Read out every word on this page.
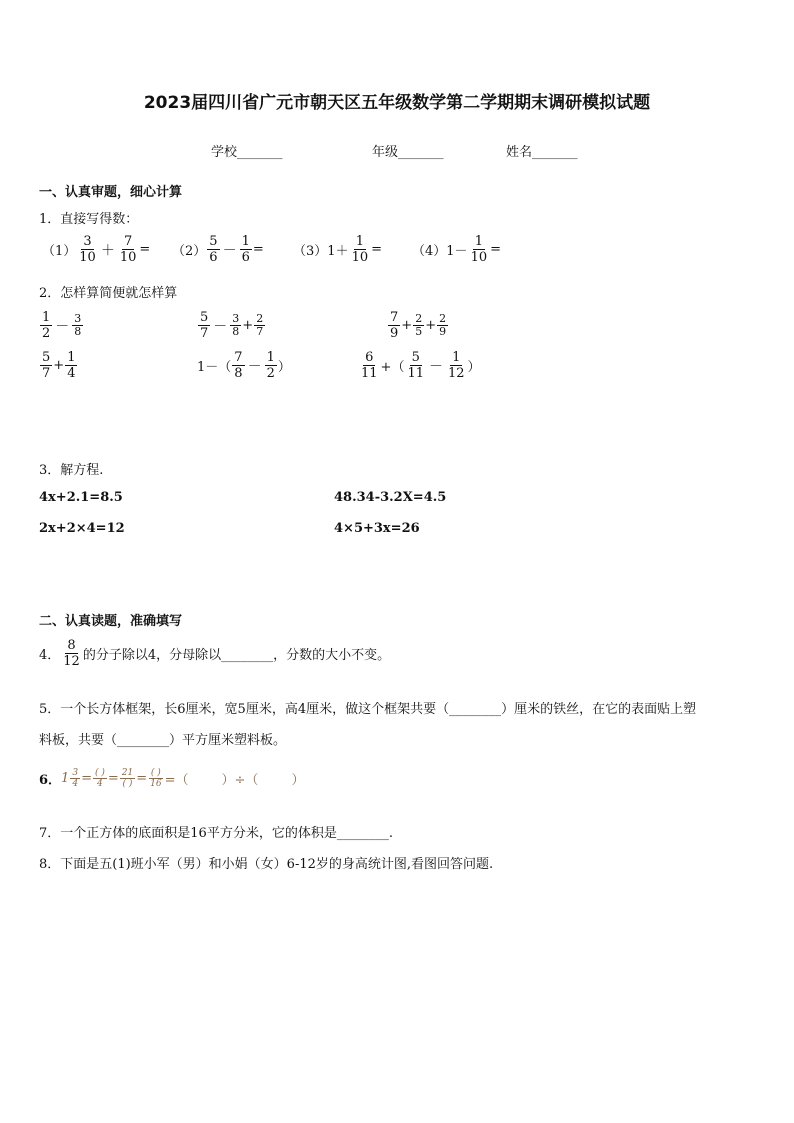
2023届四川省广元市朝天区五年级数学第二学期期末调研模拟试题
学校_______	年级_______	姓名_______
一、认真审题，细心计算
1．直接写得数：
$(1) \frac{3}{10} + \frac{7}{10} = (2) \frac{5}{6} - \frac{1}{6} = (3)$ $1+ \frac{1}{10} = (4)$ $1- \frac{1}{10}$ =
2．怎样算简便就怎样算
$\frac{1}{2} - \frac{3}{8}$	$\frac{5}{7} - \frac{3}{8} + \frac{2}{7}$	$\frac{7}{9} + \frac{2}{5} + \frac{2}{9}$
$\frac{5}{7} + \frac{1}{4}$	$1-( \frac{7}{8} - \frac{1}{2}$ ）	$\frac{6}{11}$ +（ $\frac{5}{11} - \frac{1}{12}$ ）
3．解方程.
4x+2.1=8.5	48.34-3.2X=4.5
2x+2×4=12	4×5+3x=26
二、认真读题，准确填写
4． $\frac{8}{12}$ 的分子除以4，分母除以________，分数的大小不变。
5．一个长方体框架，长6厘米，宽5厘米，高4厘米，做这个框架共要（________）厘米的铁丝，在它的表面贴上塑
料板，共要（________）平方厘米塑料板。
6． $1 \frac{3}{4} = \frac{( )}{4} = \frac{21}{( )} = \frac{( )}{16}$ =（        ）÷（        ）
7．一个正方体的底面积是16平方分米，它的体积是________.
8．下面是五(1)班小军（男）和小娟（女）6-12岁的身高统计图,看图回答问题.
